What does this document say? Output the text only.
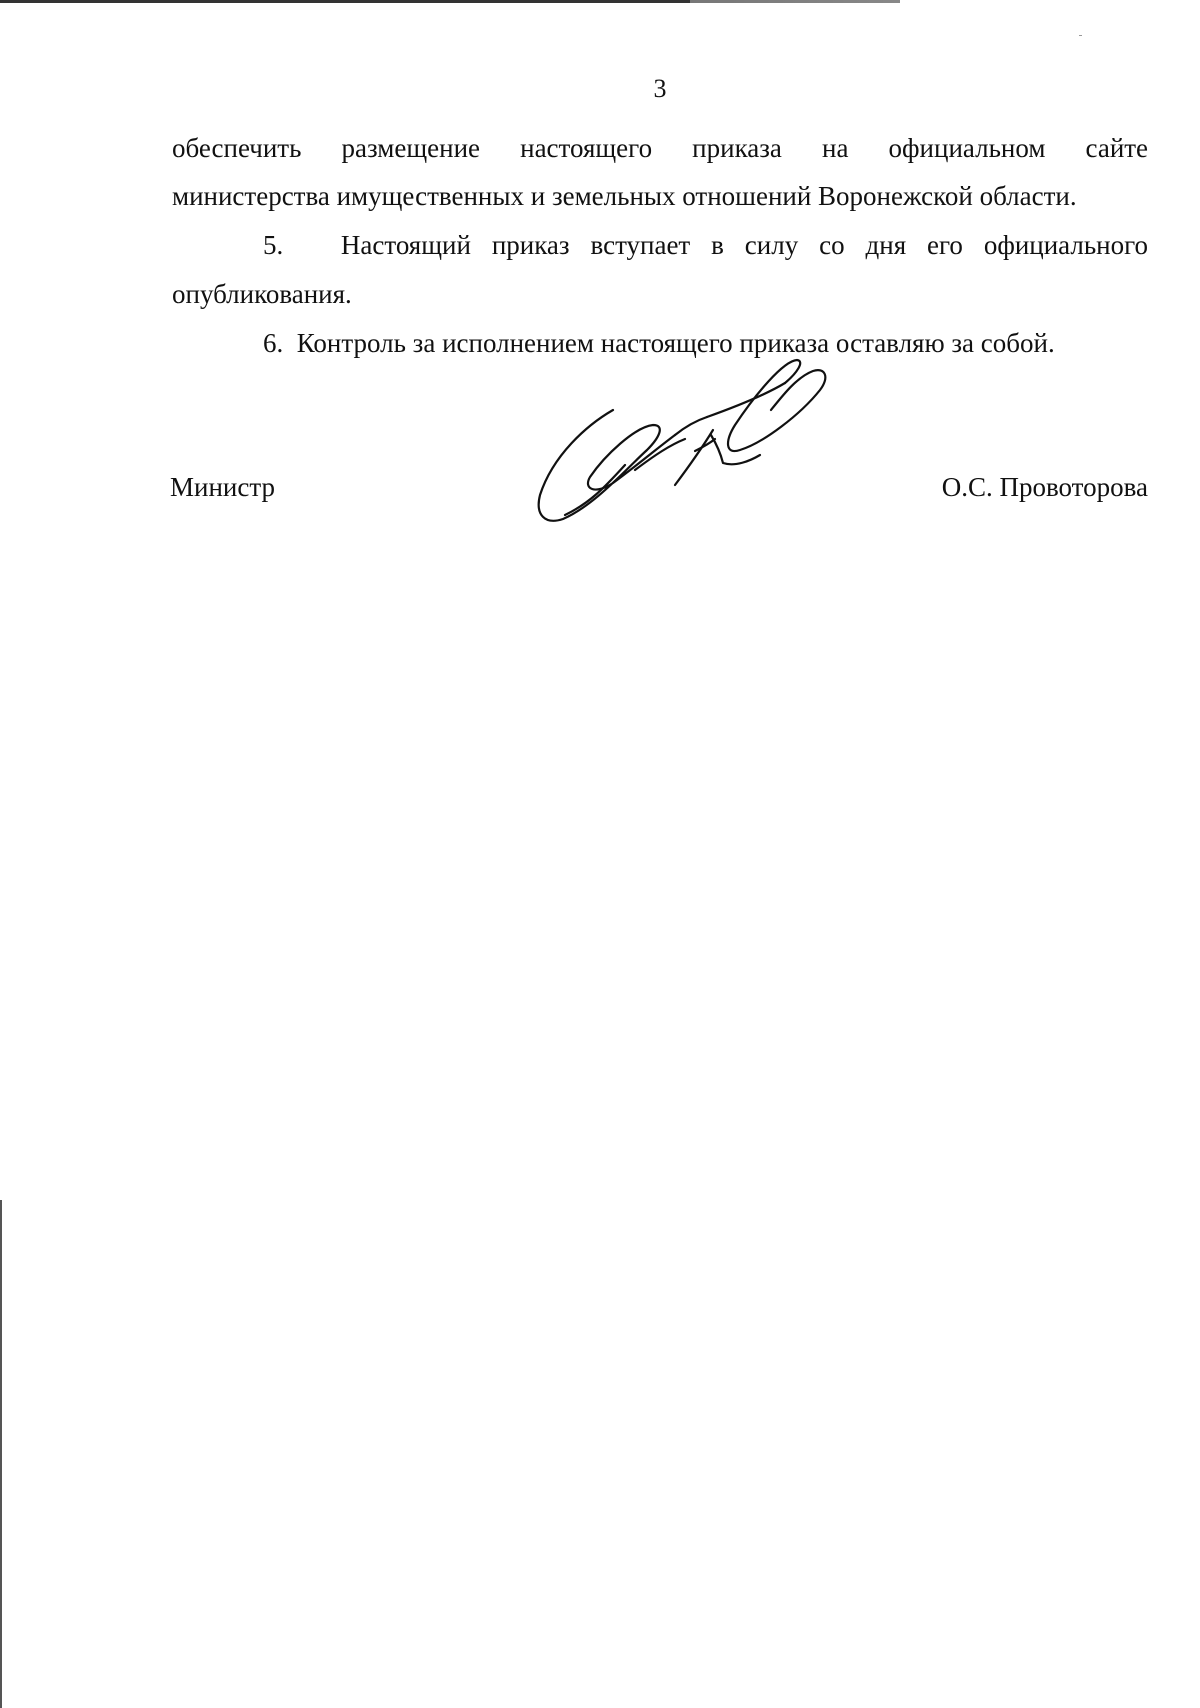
3
обеспечить размещение настоящего приказа на официальном сайте
министерства имущественных и земельных отношений Воронежской области.
5. Настоящий приказ вступает в силу со дня его официального
опубликования.
6.  Контроль за исполнением настоящего приказа оставляю за собой.
Министр	О.С. Провоторова
